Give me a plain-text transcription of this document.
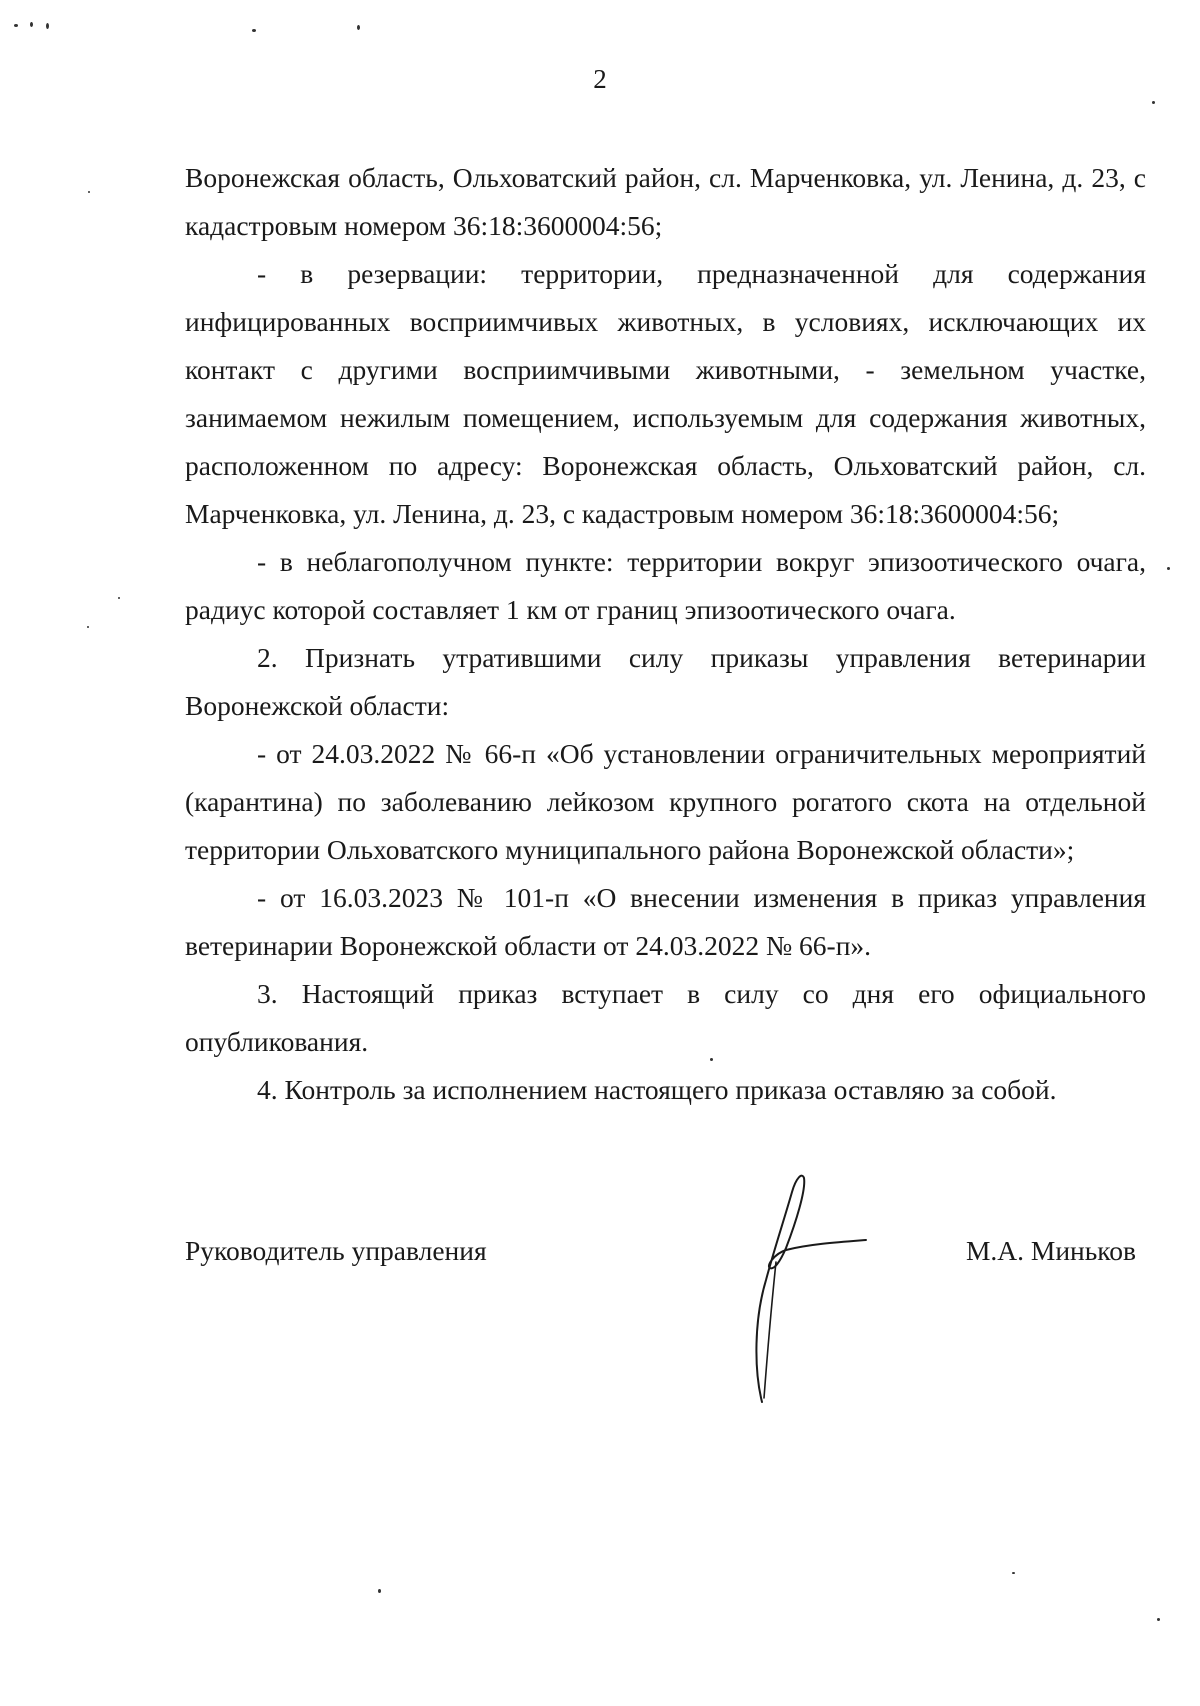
2

Воронежская область, Ольховатский район, сл. Марченковка, ул. Ленина, д. 23, с кадастровым номером 36:18:3600004:56;

- в резервации: территории, предназначенной для содержания инфицированных восприимчивых животных, в условиях, исключающих их контакт с другими восприимчивыми животными, - земельном участке, занимаемом нежилым помещением, используемым для содержания животных, расположенном по адресу: Воронежская область, Ольховатский район, сл. Марченковка, ул. Ленина, д. 23, с кадастровым номером 36:18:3600004:56;

- в неблагополучном пункте: территории вокруг эпизоотического очага, радиус которой составляет 1 км от границ эпизоотического очага.

2. Признать утратившими силу приказы управления ветеринарии Воронежской области:

- от 24.03.2022 № 66-п «Об установлении ограничительных мероприятий (карантина) по заболеванию лейкозом крупного рогатого скота на отдельной территории Ольховатского муниципального района Воронежской области»;

- от 16.03.2023 № 101-п «О внесении изменения в приказ управления ветеринарии Воронежской области от 24.03.2022 № 66-п».

3. Настоящий приказ вступает в силу со дня его официального опубликования.

4. Контроль за исполнением настоящего приказа оставляю за собой.

Руководитель управления	М.А. Миньков
